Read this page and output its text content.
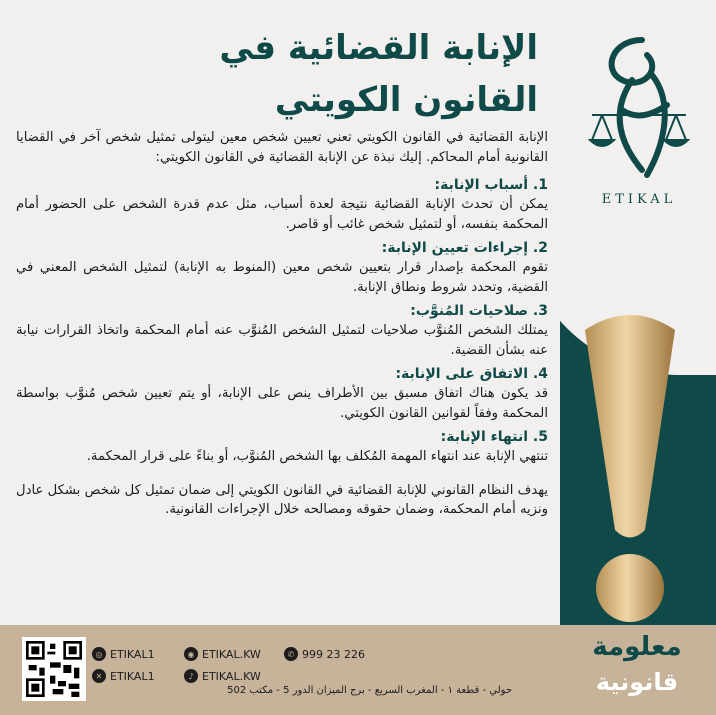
ETIKAL
الإنابة القضائية في
القانون الكويتي

الإنابة القضائية في القانون الكويتي تعني تعيين شخص معين ليتولى تمثيل شخص آخر في القضايا القانونية أمام المحاكم. إليك نبذة عن الإنابة القضائية في القانون الكويتي:

1. أسباب الإنابة:

يمكن أن تحدث الإنابة القضائية نتيجة لعدة أسباب، مثل عدم قدرة الشخص على الحضور أمام المحكمة بنفسه، أو لتمثيل شخص غائب أو قاصر.

2. إجراءات تعيين الإنابة:

تقوم المحكمة بإصدار قرار بتعيين شخص معين (المنوط به الإنابة) لتمثيل الشخص المعني في القضية، وتحدد شروط ونطاق الإنابة.

3. صلاحيات المُنوَّب:

يمتلك الشخص المُنوَّب صلاحيات لتمثيل الشخص المُنوَّب عنه أمام المحكمة واتخاذ القرارات نيابة عنه بشأن القضية.

4. الاتفاق على الإنابة:

قد يكون هناك اتفاق مسبق بين الأطراف ينص على الإنابة، أو يتم تعيين شخص مُنوَّب بواسطة المحكمة وفقاً لقوانين القانون الكويتي.

5. انتهاء الإنابة:

تنتهي الإنابة عند انتهاء المهمة المُكلف بها الشخص المُنوَّب، أو بناءً على قرار المحكمة.

يهدف النظام القانوني للإنابة القضائية في القانون الكويتي إلى ضمان تمثيل كل شخص بشكل عادل ونزيه أمام المحكمة، وضمان حقوقه ومصالحه خلال الإجراءات القانونية.

◎ ETIKAL1	◉ ETIKAL.KW	✆ 999 23 226
✕ ETIKAL1	♪ ETIKAL.KW
حولي - قطعة ١ - المغرب السريع - برج الميزان الدور 5 - مكتب 502
معلومة
قانونية
